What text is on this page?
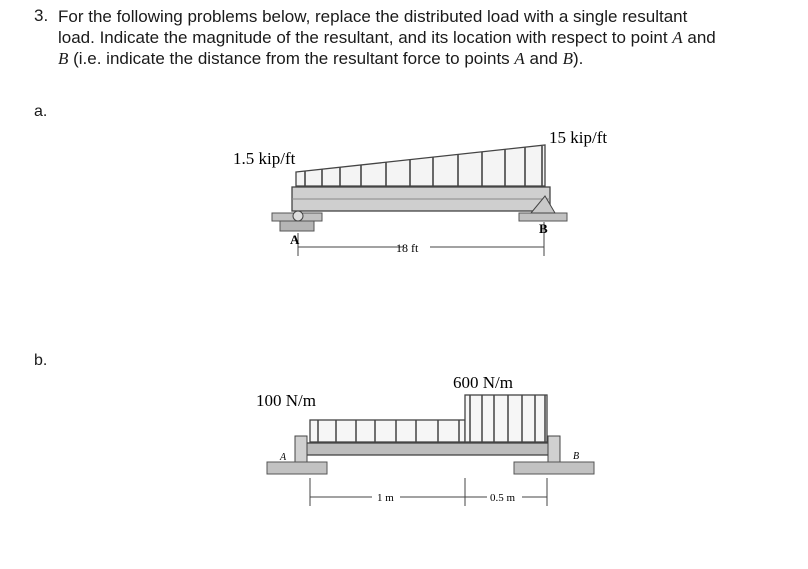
3. For the following problems below, replace the distributed load with a single resultant
load. Indicate the magnitude of the resultant, and its location with respect to point A and
B (i.e. indicate the distance from the resultant force to points A and B).
a.
b.
18 ft
1.5 kip/ft
15 kip/ft
A
B
1 m	0.5 m
100 N/m
600 N/m
A	B
